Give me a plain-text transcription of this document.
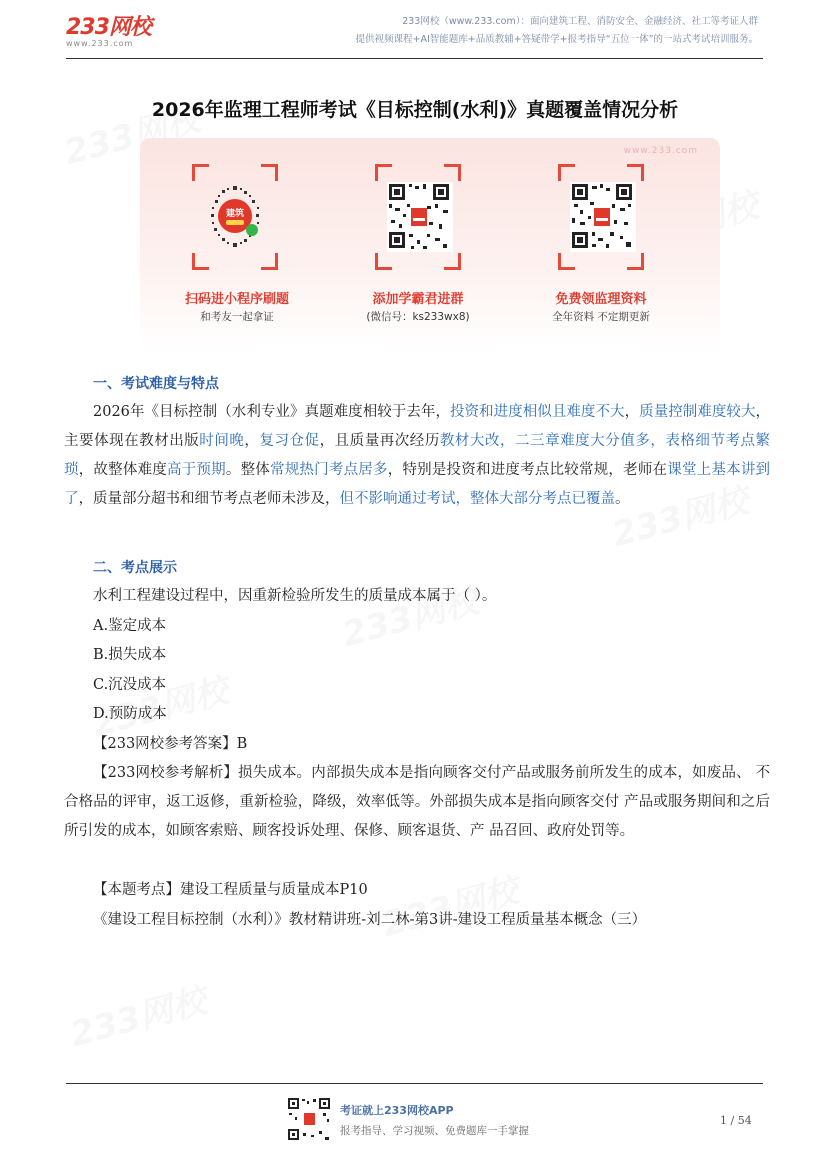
233网校
www.233.com
233网校（www.233.com）：面向建筑工程、消防安全、金融经济、社工等考证人群
提供视频课程+AI智能题库+品质教辅+答疑带学+报考指导“五位一体”的一站式考试培训服务。
2026年监理工程师考试《目标控制(水利)》真题覆盖情况分析
www.233.com
建筑
扫码进小程序刷题
和考友一起拿证
添加学霸君进群
(微信号：ks233wx8)
免费领监理资料
全年资料 不定期更新
一、考试难度与特点
2026年《目标控制（水利专业》真题难度相较于去年，投资和进度相似且难度不大，质量控制难度较大，主要体现在教材出版时间晚，复习仓促，且质量再次经历教材大改，二三章难度大分值多，表格细节考点繁琐，故整体难度高于预期。整体常规热门考点居多，特别是投资和进度考点比较常规，老师在课堂上基本讲到了，质量部分超书和细节考点老师未涉及，但不影响通过考试，整体大部分考点已覆盖。
二、考点展示
水利工程建设过程中，因重新检验所发生的质量成本属于（ ）。
A.鉴定成本
B.损失成本
C.沉没成本
D.预防成本
【233网校参考答案】B
【233网校参考解析】损失成本。内部损失成本是指向顾客交付产品或服务前所发生的成本，如废品、 不合格品的评审，返工返修，重新检验，降级，效率低等。外部损失成本是指向顾客交付 产品或服务期间和之后所引发的成本，如顾客索赔、顾客投诉处理、保修、顾客退货、产 品召回、政府处罚等。
【本题考点】建设工程质量与质量成本P10
《建设工程目标控制（水利）》教材精讲班-刘二林-第3讲-建设工程质量基本概念（三）
考证就上233网校APP
报考指导、学习视频、免费题库一手掌握
1 / 54
